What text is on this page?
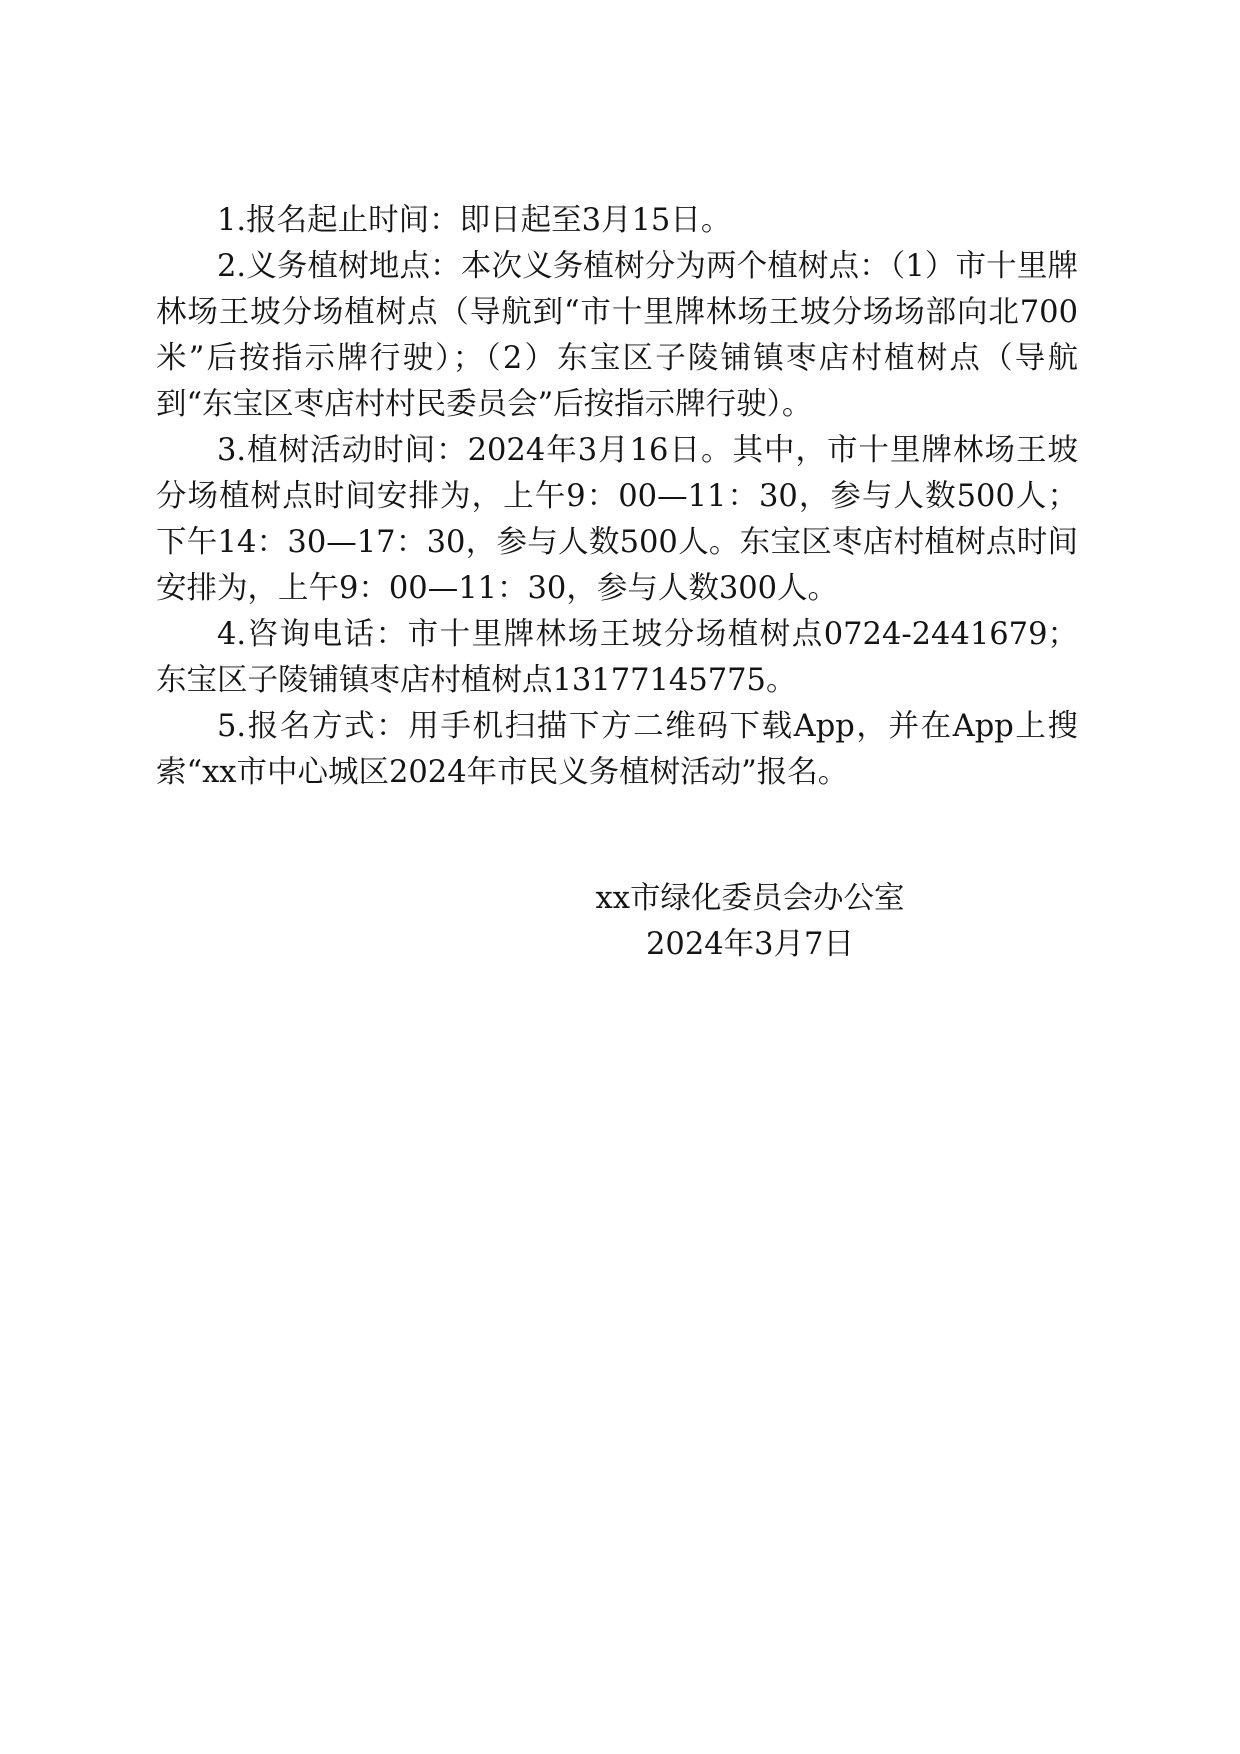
1.报名起止时间：即日起至3月15日。

2.义务植树地点：本次义务植树分为两个植树点：（1）市十里牌林场王坡分场植树点（导航到“市十里牌林场王坡分场场部向北700米”后按指示牌行驶）；（2）东宝区子陵铺镇枣店村植树点（导航到“东宝区枣店村村民委员会”后按指示牌行驶）。

3.植树活动时间：2024年3月16日。其中，市十里牌林场王坡分场植树点时间安排为，上午9：00—11：30，参与人数500人；下午14：30—17：30，参与人数500人。东宝区枣店村植树点时间安排为，上午9：00—11：30，参与人数300人。

4.咨询电话：市十里牌林场王坡分场植树点0724-2441679；东宝区子陵铺镇枣店村植树点13177145775。

5.报名方式：用手机扫描下方二维码下载App，并在App上搜索“xx市中心城区2024年市民义务植树活动”报名。

xx市绿化委员会办公室
2024年3月7日
